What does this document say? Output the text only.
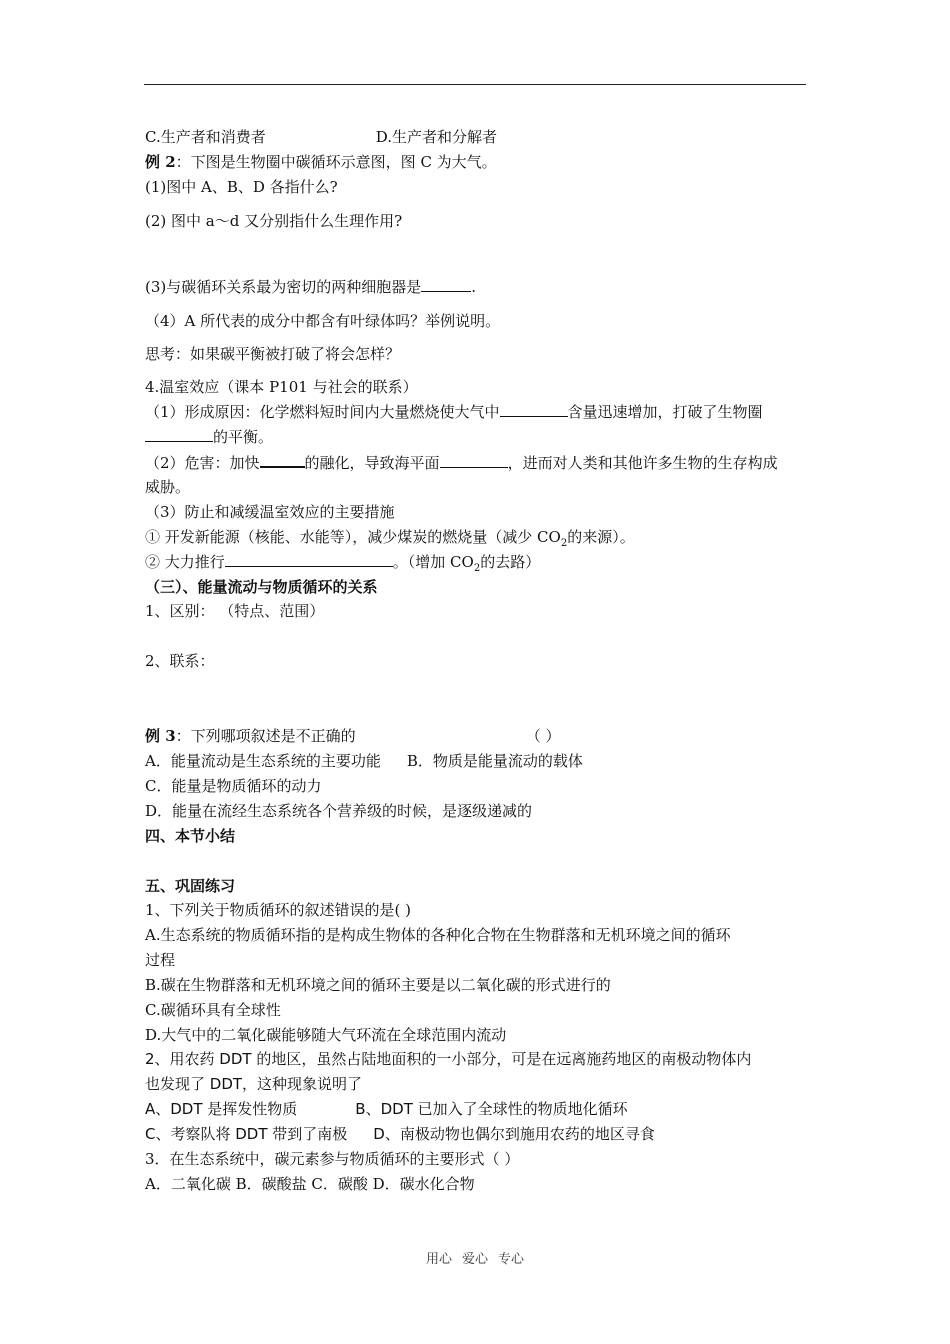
C.生产者和消费者	D.生产者和分解者
例 2：下图是生物圈中碳循环示意图，图 C 为大气。
(1)图中 A、B、D 各指什么?
(2) 图中 a～d 又分别指什么生理作用?
(3)与碳循环关系最为密切的两种细胞器是	.
（4）A 所代表的成分中都含有叶绿体吗？举例说明。
思考：如果碳平衡被打破了将会怎样？
4.温室效应（课本 P101 与社会的联系）
（1）形成原因：化学燃料短时间内大量燃烧使大气中	含量迅速增加，打破了生物圈
的平衡。
（2）危害：加快	的融化，导致海平面	，进而对人类和其他许多生物的生存构成
威胁。
（3）防止和减缓温室效应的主要措施
① 开发新能源（核能、水能等），减少煤炭的燃烧量（减少 $CO_2$的来源）。
② 大力推行	。（增加 $CO_2$的去路）
（三）、能量流动与物质循环的关系
1、区别： （特点、范围）
2、联系：
例 3：下列哪项叙述是不正确的	（ ）
A．能量流动是生态系统的主要功能 B．物质是能量流动的载体
C．能量是物质循环的动力
D．能量在流经生态系统各个营养级的时候，是逐级递减的
四、本节小结
五、巩固练习
1、下列关于物质循环的叙述错误的是( )
A.生态系统的物质循环指的是构成生物体的各种化合物在生物群落和无机环境之间的循环
过程
B.碳在生物群落和无机环境之间的循环主要是以二氧化碳的形式进行的
C.碳循环具有全球性
D.大气中的二氧化碳能够随大气环流在全球范围内流动
2、用农药 DDT 的地区，虽然占陆地面积的一小部分，可是在远离施药地区的南极动物体内
也发现了 DDT，这种现象说明了
A、DDT 是挥发性物质	B、DDT 已加入了全球性的物质地化循环
C、考察队将 DDT 带到了南极 D、南极动物也偶尔到施用农药的地区寻食
3．在生态系统中，碳元素参与物质循环的主要形式（ ）
A．二氧化碳 B．碳酸盐 C．碳酸 D．碳水化合物
用心 爱心 专心
